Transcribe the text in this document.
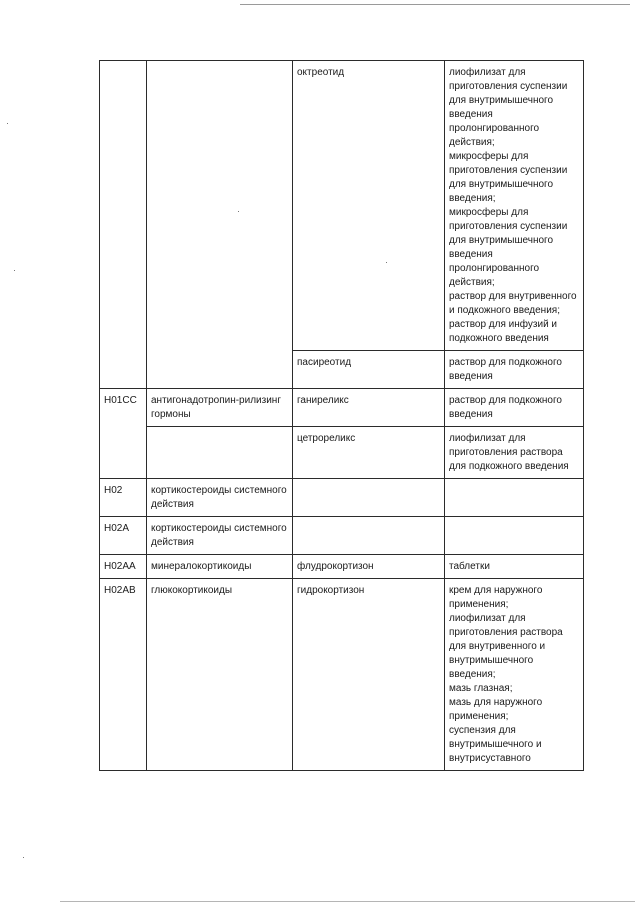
		октреотид	лиофилизат для приготовления суспензии для внутримышечного введения пролонгированного действия;
микросферы для приготовления суспензии для внутримышечного введения;
микросферы для приготовления суспензии для внутримышечного введения пролонгированного действия;
раствор для внутривенного и подкожного введения;
раствор для инфузий и подкожного введения

		пасиреотид	раствор для подкожного введения

H01CC	антигонадотропин-рилизинг гормоны	ганиреликс	раствор для подкожного введения

		цетрореликс	лиофилизат для приготовления раствора для подкожного введения

H02	кортикостероиды системного действия		
H02A	кортикостероиды системного действия		
H02AA	минералокортикоиды	флудрокортизон	таблетки

H02AB	глюкокортикоиды	гидрокортизон	крем для наружного применения;
лиофилизат для приготовления раствора для внутривенного и внутримышечного введения;
мазь глазная;
мазь для наружного применения;
суспензия для внутримышечного и внутрисуставного
